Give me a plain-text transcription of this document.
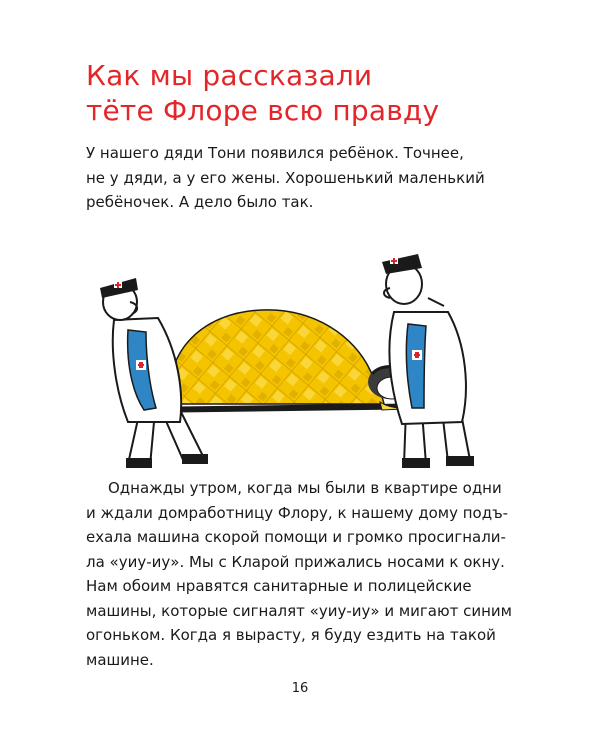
Как мы рассказали
тёте Флоре всю правду

У нашего дяди Тони появился ребёнок. Точнее,
не у дяди, а у его жены. Хорошенький маленький
ребёночек. А дело было так.

Однажды утром, когда мы были в квартире одни
и ждали домработницу Флору, к нашему дому подъ-
ехала машина скорой помощи и громко просигнали-
ла «уиу-иу». Мы с Кларой прижались носами к окну.
Нам обоим нравятся санитарные и полицейские
машины, которые сигналят «уиу-иу» и мигают синим
огоньком. Когда я вырасту, я буду ездить на такой
машине.

16
